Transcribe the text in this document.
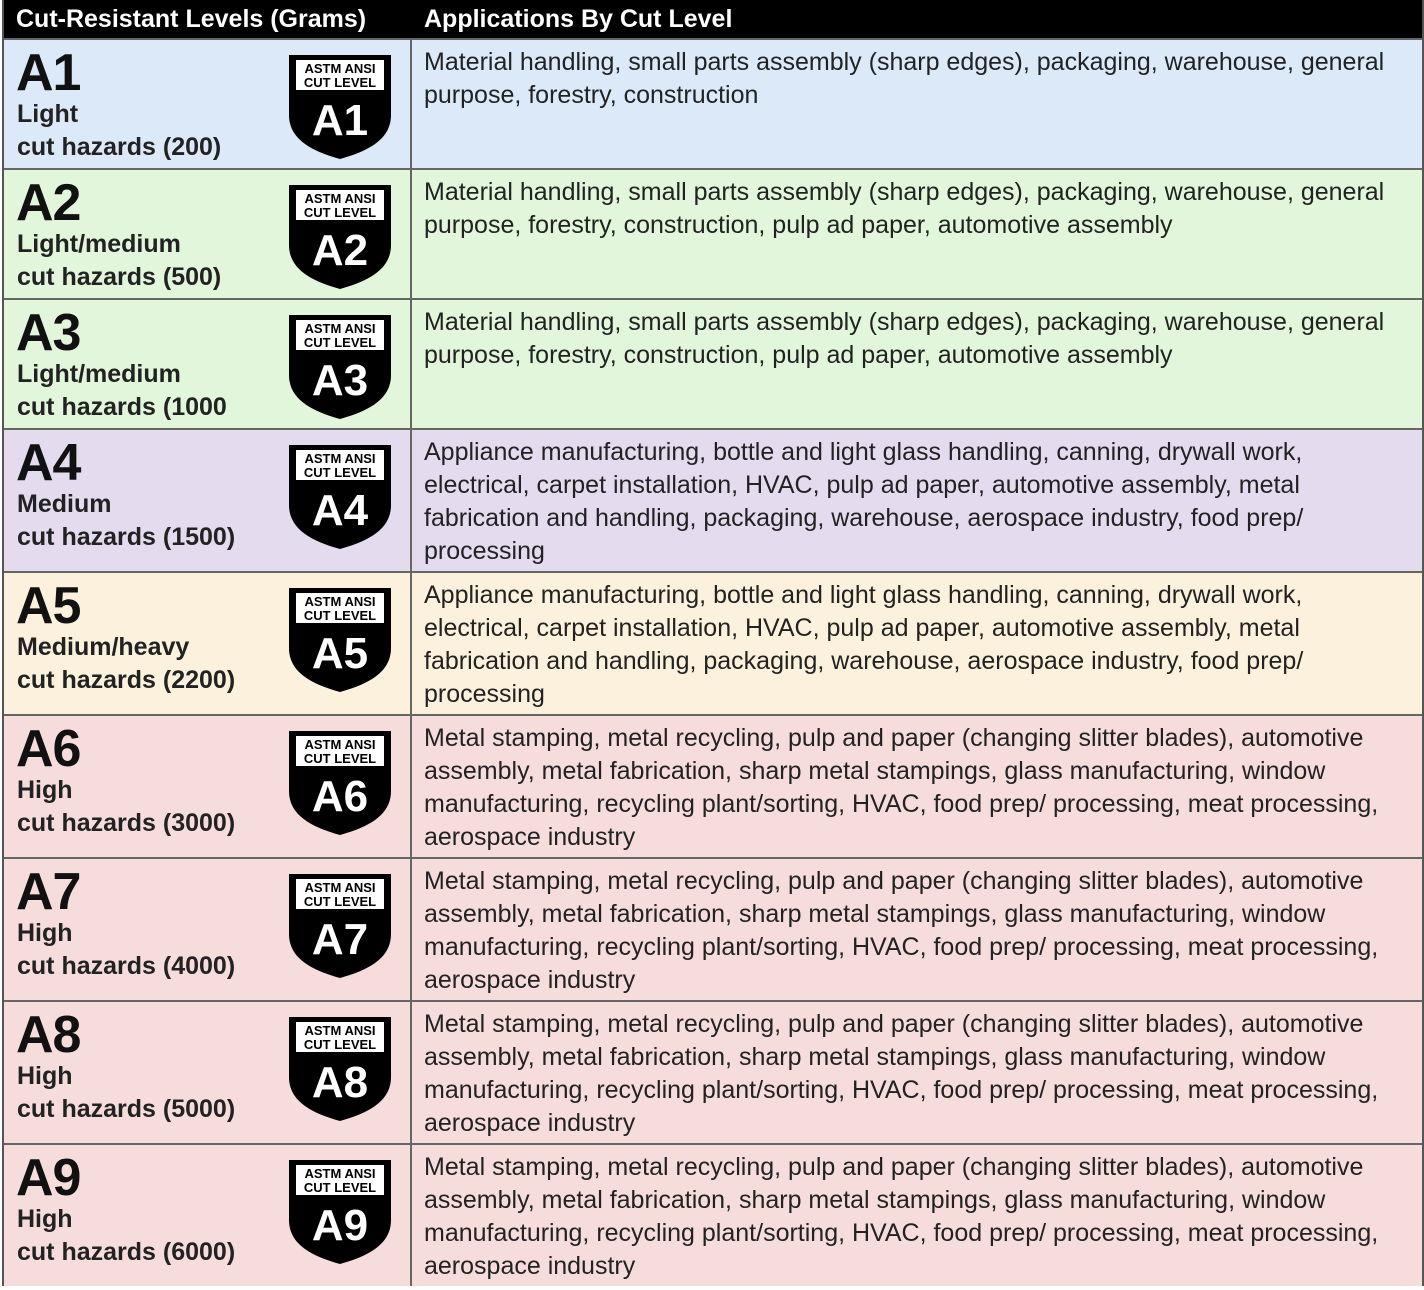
Cut-Resistant Levels (Grams)	Applications By Cut Level
A1
Light
cut hazards (200)
ASTM ANSI
CUT LEVEL
A1
Material handling, small parts assembly (sharp edges), packaging, warehouse, general purpose, forestry, construction
A2
Light/medium
cut hazards (500)
ASTM ANSI
CUT LEVEL
A2
Material handling, small parts assembly (sharp edges), packaging, warehouse, general purpose, forestry, construction, pulp ad paper, automotive assembly
A3
Light/medium
cut hazards (1000
ASTM ANSI
CUT LEVEL
A3
Material handling, small parts assembly (sharp edges), packaging, warehouse, general purpose, forestry, construction, pulp ad paper, automotive assembly
A4
Medium
cut hazards (1500)
ASTM ANSI
CUT LEVEL
A4
Appliance manufacturing, bottle and light glass handling, canning, drywall work, electrical, carpet installation, HVAC, pulp ad paper, automotive assembly, metal fabrication and handling, packaging, warehouse, aerospace industry, food prep/ processing
A5
Medium/heavy
cut hazards (2200)
ASTM ANSI
CUT LEVEL
A5
Appliance manufacturing, bottle and light glass handling, canning, drywall work, electrical, carpet installation, HVAC, pulp ad paper, automotive assembly, metal fabrication and handling, packaging, warehouse, aerospace industry, food prep/ processing
A6
High
cut hazards (3000)
ASTM ANSI
CUT LEVEL
A6
Metal stamping, metal recycling, pulp and paper (changing slitter blades), automotive assembly, metal fabrication, sharp metal stampings, glass manufacturing, window manufacturing, recycling plant/sorting, HVAC, food prep/ processing, meat processing, aerospace industry
A7
High
cut hazards (4000)
ASTM ANSI
CUT LEVEL
A7
Metal stamping, metal recycling, pulp and paper (changing slitter blades), automotive assembly, metal fabrication, sharp metal stampings, glass manufacturing, window manufacturing, recycling plant/sorting, HVAC, food prep/ processing, meat processing, aerospace industry
A8
High
cut hazards (5000)
ASTM ANSI
CUT LEVEL
A8
Metal stamping, metal recycling, pulp and paper (changing slitter blades), automotive assembly, metal fabrication, sharp metal stampings, glass manufacturing, window manufacturing, recycling plant/sorting, HVAC, food prep/ processing, meat processing, aerospace industry
A9
High
cut hazards (6000)
ASTM ANSI
CUT LEVEL
A9
Metal stamping, metal recycling, pulp and paper (changing slitter blades), automotive assembly, metal fabrication, sharp metal stampings, glass manufacturing, window manufacturing, recycling plant/sorting, HVAC, food prep/ processing, meat processing, aerospace industry
